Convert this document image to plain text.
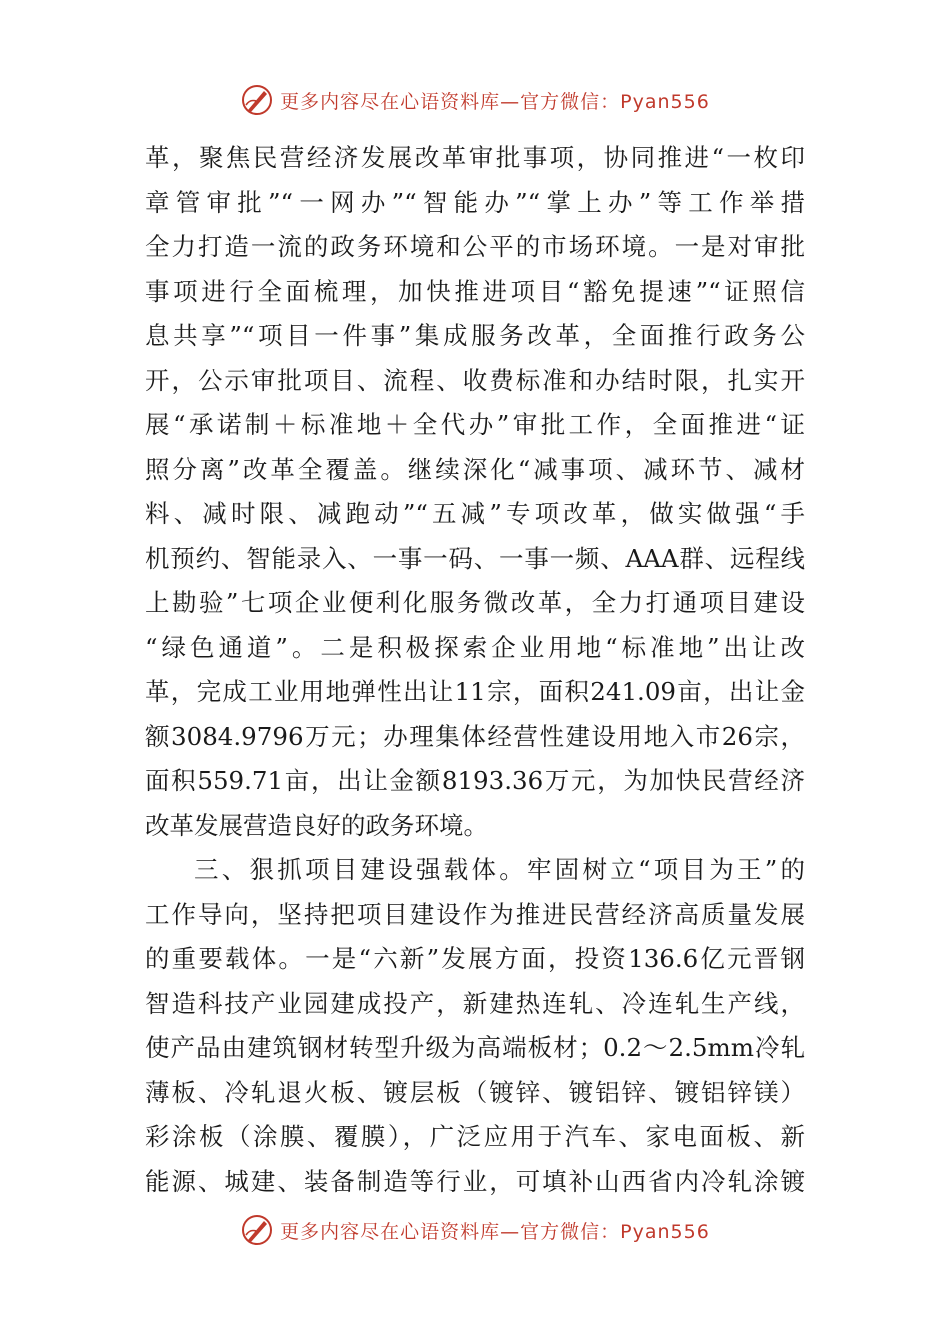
更多内容尽在心语资料库—官方微信：Pyan556
革，聚焦民营经济发展改革审批事项，协同推进“一枚印
章管审批”“一网办”“智能办”“掌上办”等工作举措
全力打造一流的政务环境和公平的市场环境。一是对审批
事项进行全面梳理，加快推进项目“豁免提速”“证照信
息共享”“项目一件事”集成服务改革，全面推行政务公
开，公示审批项目、流程、收费标准和办结时限，扎实开
展“承诺制＋标准地＋全代办”审批工作，全面推进“证
照分离”改革全覆盖。继续深化“减事项、减环节、减材
料、减时限、减跑动”“五减”专项改革，做实做强“手
机预约、智能录入、一事一码、一事一频、AAA群、远程线
上勘验”七项企业便利化服务微改革，全力打通项目建设
“绿色通道”。二是积极探索企业用地“标准地”出让改
革，完成工业用地弹性出让11宗，面积241.09亩，出让金
额3084.9796万元；办理集体经营性建设用地入市26宗，
面积559.71亩，出让金额8193.36万元，为加快民营经济
改革发展营造良好的政务环境。
三、狠抓项目建设强载体。牢固树立“项目为王”的
工作导向，坚持把项目建设作为推进民营经济高质量发展
的重要载体。一是“六新”发展方面，投资136.6亿元晋钢
智造科技产业园建成投产，新建热连轧、冷连轧生产线，
使产品由建筑钢材转型升级为高端板材；0.2～2.5mm冷轧
薄板、冷轧退火板、镀层板（镀锌、镀铝锌、镀铝锌镁）
彩涂板（涂膜、覆膜），广泛应用于汽车、家电面板、新
能源、城建、装备制造等行业，可填补山西省内冷轧涂镀
更多内容尽在心语资料库—官方微信：Pyan556
